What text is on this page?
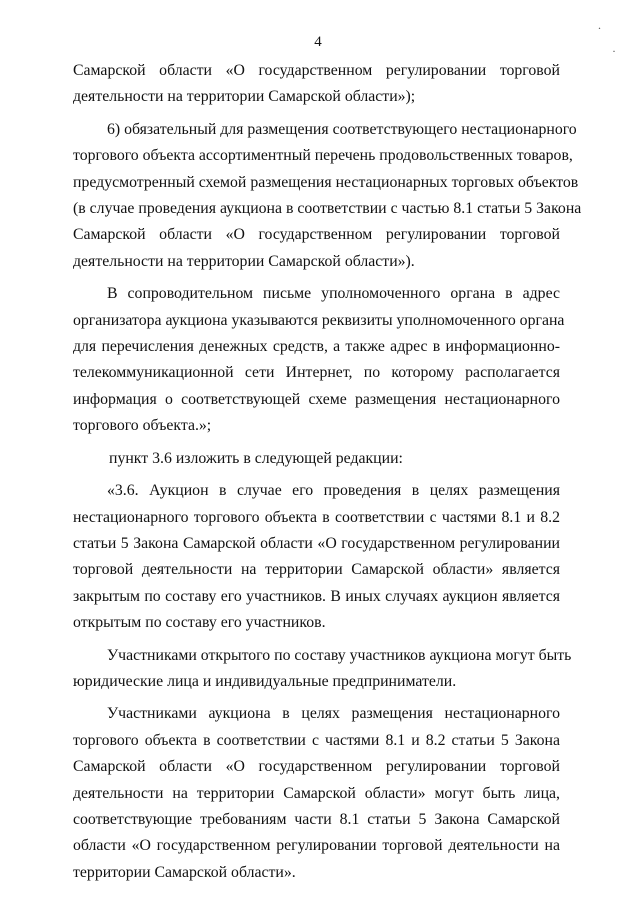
4
Самарской области «О государственном регулировании торговой
деятельности на территории Самарской области»);
6) обязательный для размещения соответствующего нестационарного
торгового объекта ассортиментный перечень продовольственных товаров,
предусмотренный схемой размещения нестационарных торговых объектов
(в случае проведения аукциона в соответствии с частью 8.1 статьи 5 Закона
Самарской области «О государственном регулировании торговой
деятельности на территории Самарской области»).
В сопроводительном письме уполномоченного органа в адрес
организатора аукциона указываются реквизиты уполномоченного органа
для перечисления денежных средств, а также адрес в информационно-
телекоммуникационной сети Интернет, по которому располагается
информация о соответствующей схеме размещения нестационарного
торгового объекта.»;
пункт 3.6 изложить в следующей редакции:
«3.6. Аукцион в случае его проведения в целях размещения
нестационарного торгового объекта в соответствии с частями 8.1 и 8.2
статьи 5 Закона Самарской области «О государственном регулировании
торговой деятельности на территории Самарской области» является
закрытым по составу его участников. В иных случаях аукцион является
открытым по составу его участников.
Участниками открытого по составу участников аукциона могут быть
юридические лица и индивидуальные предприниматели.
Участниками аукциона в целях размещения нестационарного
торгового объекта в соответствии с частями 8.1 и 8.2 статьи 5 Закона
Самарской области «О государственном регулировании торговой
деятельности на территории Самарской области» могут быть лица,
соответствующие требованиям части 8.1 статьи 5 Закона Самарской
области «О государственном регулировании торговой деятельности на
территории Самарской области».
.
·
